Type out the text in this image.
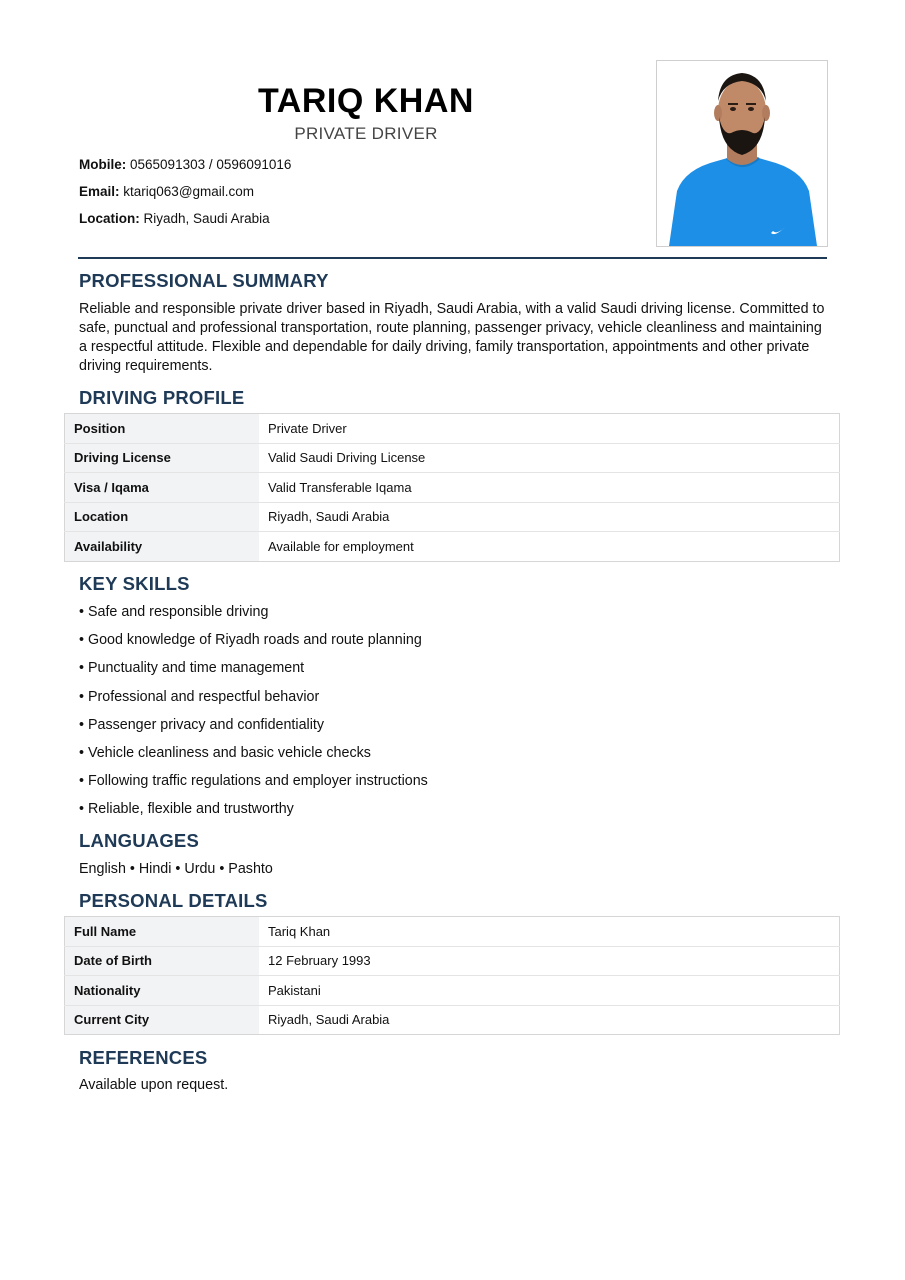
TARIQ KHAN
PRIVATE DRIVER
Mobile: 0565091303 / 0596091016
Email: ktariq063@gmail.com
Location: Riyadh, Saudi Arabia
PROFESSIONAL SUMMARY
Reliable and responsible private driver based in Riyadh, Saudi Arabia, with a valid Saudi driving license. Committed to safe, punctual and professional transportation, route planning, passenger privacy, vehicle cleanliness and maintaining a respectful attitude. Flexible and dependable for daily driving, family transportation, appointments and other private driving requirements.
DRIVING PROFILE
Position	Private Driver
Driving License	Valid Saudi Driving License
Visa / Iqama	Valid Transferable Iqama
Location	Riyadh, Saudi Arabia
Availability	Available for employment
KEY SKILLS
• Safe and responsible driving
• Good knowledge of Riyadh roads and route planning
• Punctuality and time management
• Professional and respectful behavior
• Passenger privacy and confidentiality
• Vehicle cleanliness and basic vehicle checks
• Following traffic regulations and employer instructions
• Reliable, flexible and trustworthy
LANGUAGES
English • Hindi • Urdu • Pashto
PERSONAL DETAILS
Full Name	Tariq Khan
Date of Birth	12 February 1993
Nationality	Pakistani
Current City	Riyadh, Saudi Arabia
REFERENCES
Available upon request.
